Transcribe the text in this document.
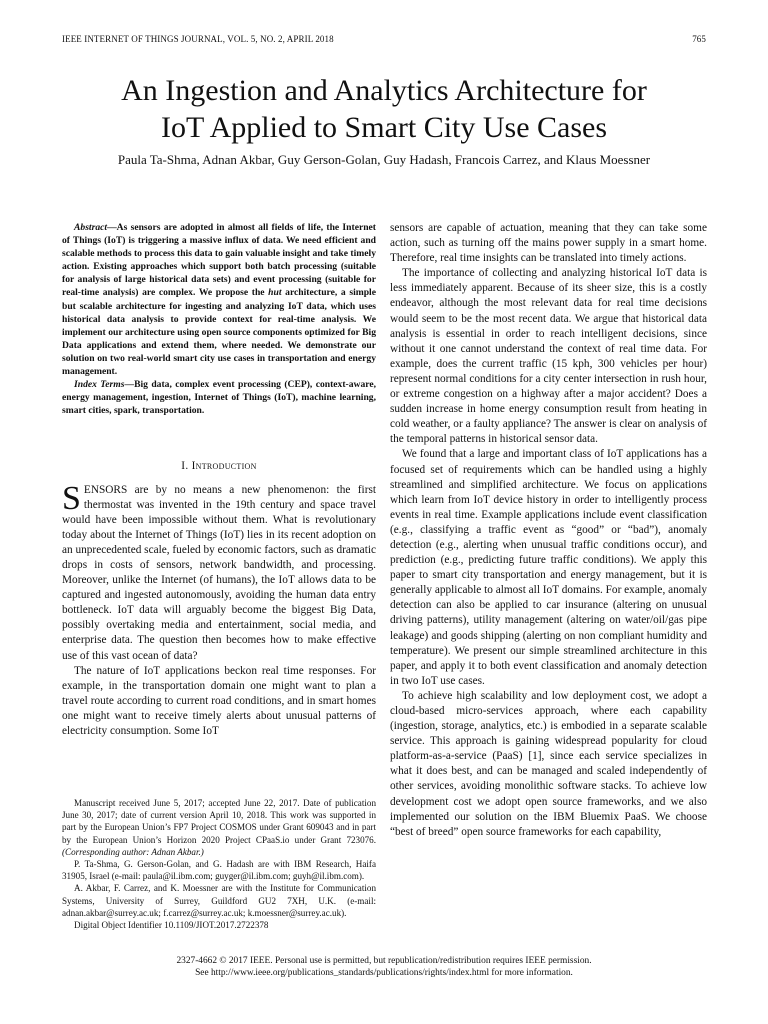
IEEE INTERNET OF THINGS JOURNAL, VOL. 5, NO. 2, APRIL 2018	765
An Ingestion and Analytics Architecture for
IoT Applied to Smart City Use Cases
Paula Ta-Shma, Adnan Akbar, Guy Gerson-Golan, Guy Hadash, Francois Carrez, and Klaus Moessner

Abstract—As sensors are adopted in almost all fields of life, the Internet of Things (IoT) is triggering a massive influx of data. We need efficient and scalable methods to process this data to gain valuable insight and take timely action. Existing approaches which support both batch processing (suitable for analysis of large historical data sets) and event processing (suitable for real-time analysis) are complex. We propose the hut architecture, a simple but scalable architecture for ingesting and analyzing IoT data, which uses historical data analysis to provide context for real-time analysis. We implement our architecture using open source components optimized for Big Data applications and extend them, where needed. We demonstrate our solution on two real-world smart city use cases in transportation and energy management.

Index Terms—Big data, complex event processing (CEP), context-aware, energy management, ingestion, Internet of Things (IoT), machine learning, smart cities, spark, transportation.

I. Introduction

SENSORS are by no means a new phenomenon: the first thermostat was invented in the 19th century and space travel would have been impossible without them. What is revolutionary today about the Internet of Things (IoT) lies in its recent adoption on an unprecedented scale, fueled by economic factors, such as dramatic drops in costs of sensors, network bandwidth, and processing. Moreover, unlike the Internet (of humans), the IoT allows data to be captured and ingested autonomously, avoiding the human data entry bottleneck. IoT data will arguably become the biggest Big Data, possibly overtaking media and entertainment, social media, and enterprise data. The question then becomes how to make effective use of this vast ocean of data?

The nature of IoT applications beckon real time responses. For example, in the transportation domain one might want to plan a travel route according to current road conditions, and in smart homes one might want to receive timely alerts about unusual patterns of electricity consumption. Some IoT

Manuscript received June 5, 2017; accepted June 22, 2017. Date of publication June 30, 2017; date of current version April 10, 2018. This work was supported in part by the European Union’s FP7 Project COSMOS under Grant 609043 and in part by the European Union’s Horizon 2020 Project CPaaS.io under Grant 723076. (Corresponding author: Adnan Akbar.)

P. Ta-Shma, G. Gerson-Golan, and G. Hadash are with IBM Research, Haifa 31905, Israel (e-mail: paula@il.ibm.com; guyger@il.ibm.com; guyh@il.ibm.com).

A. Akbar, F. Carrez, and K. Moessner are with the Institute for Communication Systems, University of Surrey, Guildford GU2 7XH, U.K. (e-mail: adnan.akbar@surrey.ac.uk; f.carrez@surrey.ac.uk; k.moessner@surrey.ac.uk).

Digital Object Identifier 10.1109/JIOT.2017.2722378

sensors are capable of actuation, meaning that they can take some action, such as turning off the mains power supply in a smart home. Therefore, real time insights can be translated into timely actions.

The importance of collecting and analyzing historical IoT data is less immediately apparent. Because of its sheer size, this is a costly endeavor, although the most relevant data for real time decisions would seem to be the most recent data. We argue that historical data analysis is essential in order to reach intelligent decisions, since without it one cannot understand the context of real time data. For example, does the current traffic (15 kph, 300 vehicles per hour) represent normal conditions for a city center intersection in rush hour, or extreme congestion on a highway after a major accident? Does a sudden increase in home energy consumption result from heating in cold weather, or a faulty appliance? The answer is clear on analysis of the temporal patterns in historical sensor data.

We found that a large and important class of IoT applications has a focused set of requirements which can be handled using a highly streamlined and simplified architecture. We focus on applications which learn from IoT device history in order to intelligently process events in real time. Example applications include event classification (e.g., classifying a traffic event as “good” or “bad”), anomaly detection (e.g., alerting when unusual traffic conditions occur), and prediction (e.g., predicting future traffic conditions). We apply this paper to smart city transportation and energy management, but it is generally applicable to almost all IoT domains. For example, anomaly detection can also be applied to car insurance (altering on unusual driving patterns), utility management (altering on water/oil/gas pipe leakage) and goods shipping (alerting on non compliant humidity and temperature). We present our simple streamlined architecture in this paper, and apply it to both event classification and anomaly detection in two IoT use cases.

To achieve high scalability and low deployment cost, we adopt a cloud-based micro-services approach, where each capability (ingestion, storage, analytics, etc.) is embodied in a separate scalable service. This approach is gaining widespread popularity for cloud platform-as-a-service (PaaS) [1], since each service specializes in what it does best, and can be managed and scaled independently of other services, avoiding monolithic software stacks. To achieve low development cost we adopt open source frameworks, and we also implemented our solution on the IBM Bluemix PaaS. We choose “best of breed” open source frameworks for each capability,

2327-4662 © 2017 IEEE. Personal use is permitted, but republication/redistribution requires IEEE permission.
See http://www.ieee.org/publications_standards/publications/rights/index.html for more information.
